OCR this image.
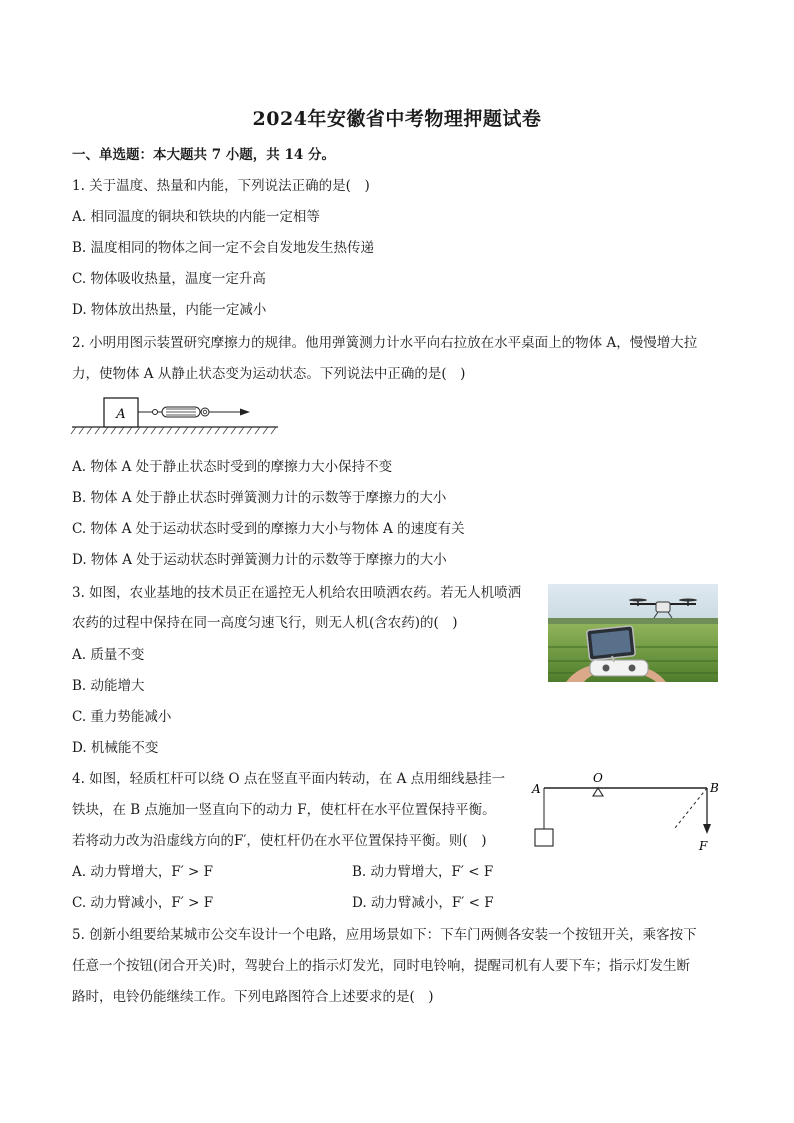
2024年安徽省中考物理押题试卷
一、单选题：本大题共 7 小题，共 14 分。
1. 关于温度、热量和内能，下列说法正确的是(　)
A. 相同温度的铜块和铁块的内能一定相等
B. 温度相同的物体之间一定不会自发地发生热传递
C. 物体吸收热量，温度一定升高
D. 物体放出热量，内能一定减小
2. 小明用图示装置研究摩擦力的规律。他用弹簧测力计水平向右拉放在水平桌面上的物体 A，慢慢增大拉
力，使物体 A 从静止状态变为运动状态。下列说法中正确的是(　)
A
A. 物体 A 处于静止状态时受到的摩擦力大小保持不变
B. 物体 A 处于静止状态时弹簧测力计的示数等于摩擦力的大小
C. 物体 A 处于运动状态时受到的摩擦力大小与物体 A 的速度有关
D. 物体 A 处于运动状态时弹簧测力计的示数等于摩擦力的大小
3. 如图，农业基地的技术员正在遥控无人机给农田喷洒农药。若无人机喷洒
农药的过程中保持在同一高度匀速飞行，则无人机(含农药)的(　)
A. 质量不变
B. 动能增大
C. 重力势能减小
D. 机械能不变
4. 如图，轻质杠杆可以绕 O 点在竖直平面内转动，在 A 点用细线悬挂一
铁块，在 B 点施加一竖直向下的动力 F，使杠杆在水平位置保持平衡。
若将动力改为沿虚线方向的F′，使杠杆仍在水平位置保持平衡。则(　)
A. 动力臂增大，F′ > F	B. 动力臂增大，F′ < F
C. 动力臂减小，F′ > F	D. 动力臂减小，F′ < F
A
O
B
F
5. 创新小组要给某城市公交车设计一个电路，应用场景如下：下车门两侧各安装一个按钮开关，乘客按下
任意一个按钮(闭合开关)时，驾驶台上的指示灯发光，同时电铃响，提醒司机有人要下车；指示灯发生断
路时，电铃仍能继续工作。下列电路图符合上述要求的是(　)
